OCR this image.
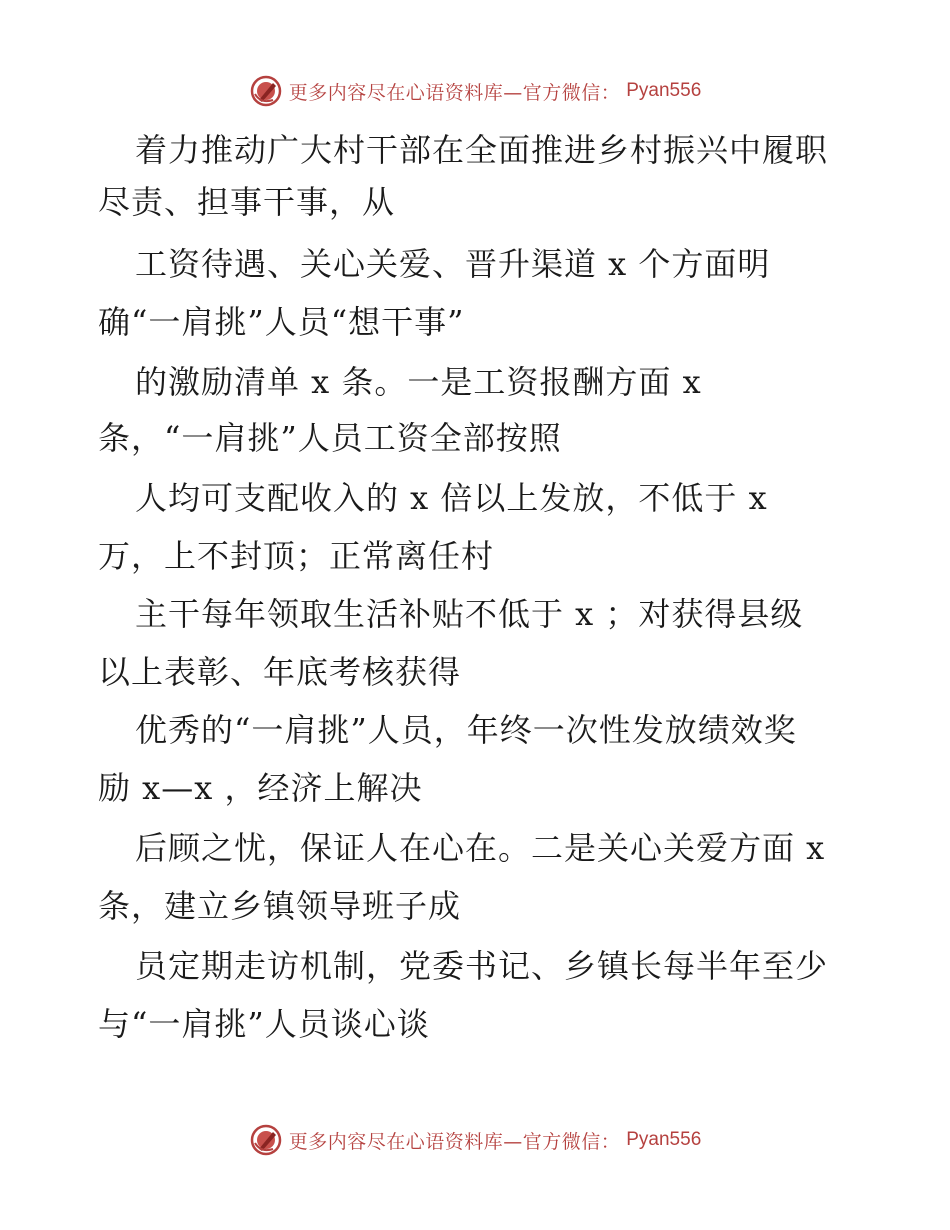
更多内容尽在心语资料库—官方微信： Pyan556
着力推动广大村干部在全面推进乡村振兴中履职
尽责、担事干事，从
工资待遇、关心关爱、晋升渠道 x 个方面明
确“一肩挑”人员“想干事”
的激励清单 x 条。一是工资报酬方面 x
条，“一肩挑”人员工资全部按照
人均可支配收入的 x 倍以上发放，不低于 x
万，上不封顶；正常离任村
主干每年领取生活补贴不低于 x ；对获得县级
以上表彰、年底考核获得
优秀的“一肩挑”人员，年终一次性发放绩效奖
励 x—x ，经济上解决
后顾之忧，保证人在心在。二是关心关爱方面 x
条，建立乡镇领导班子成
员定期走访机制，党委书记、乡镇长每半年至少
与“一肩挑”人员谈心谈
更多内容尽在心语资料库—官方微信： Pyan556
